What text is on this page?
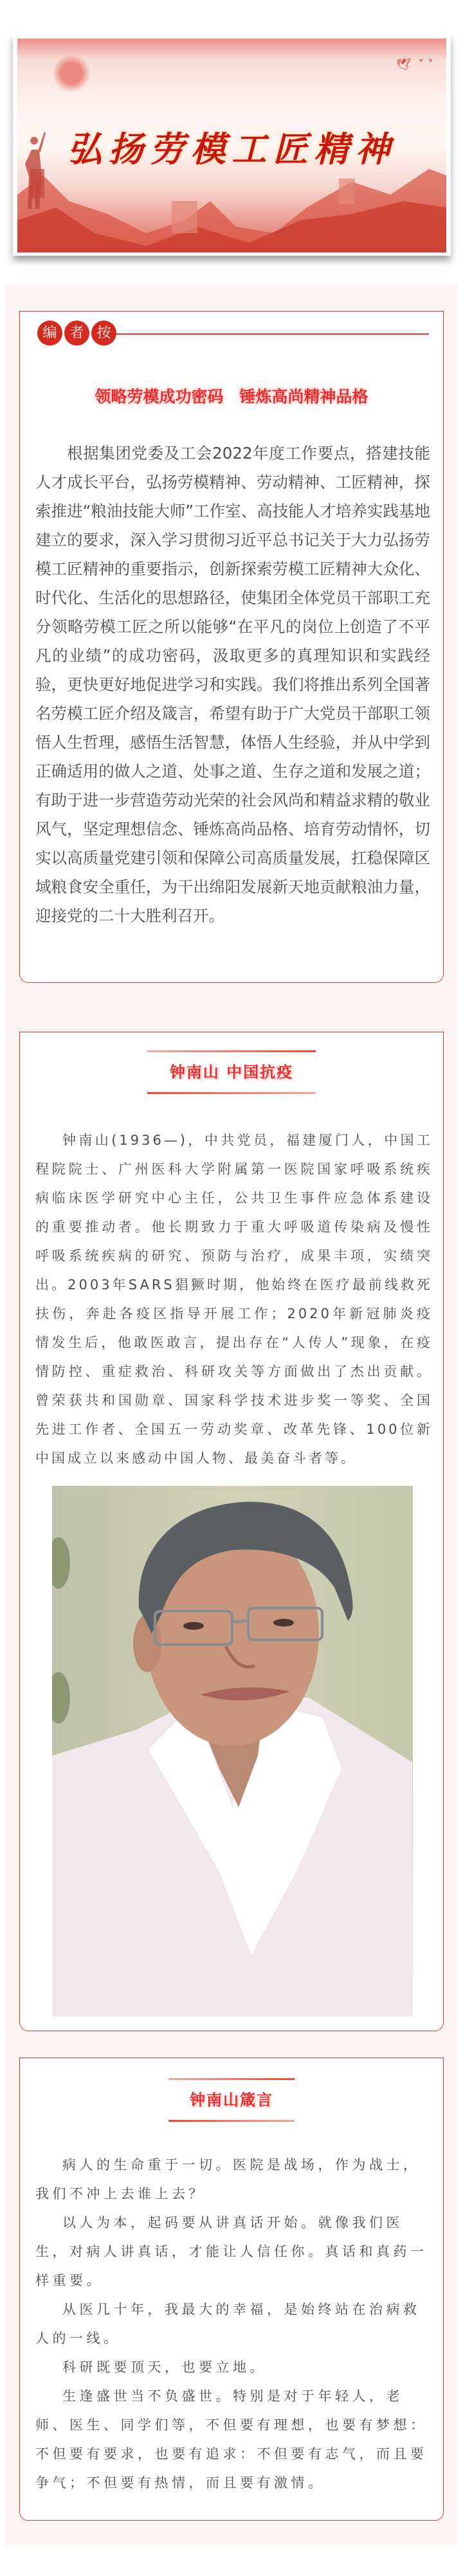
🕊 ︎ ˅ ˅
弘扬劳模工匠精神
编 者 按
领略劳模成功密码　锤炼高尚精神品格

根据集团党委及工会2022年度工作要点，搭建技能人才成长平台，弘扬劳模精神、劳动精神、工匠精神，探索推进“粮油技能大师”工作室、高技能人才培养实践基地建立的要求，深入学习贯彻习近平总书记关于大力弘扬劳模工匠精神的重要指示，创新探索劳模工匠精神大众化、时代化、生活化的思想路径，使集团全体党员干部职工充分领略劳模工匠之所以能够“在平凡的岗位上创造了不平凡的业绩”的成功密码，汲取更多的真理知识和实践经验，更快更好地促进学习和实践。我们将推出系列全国著名劳模工匠介绍及箴言，希望有助于广大党员干部职工领悟人生哲理，感悟生活智慧，体悟人生经验，并从中学到正确适用的做人之道、处事之道、生存之道和发展之道；有助于进一步营造劳动光荣的社会风尚和精益求精的敬业风气，坚定理想信念、锤炼高尚品格、培育劳动情怀，切实以高质量党建引领和保障公司高质量发展，扛稳保障区域粮食安全重任，为干出绵阳发展新天地贡献粮油力量，迎接党的二十大胜利召开。

钟南山 中国抗疫

钟南山(1936—)，中共党员，福建厦门人，中国工程院院士、广州医科大学附属第一医院国家呼吸系统疾病临床医学研究中心主任，公共卫生事件应急体系建设的重要推动者。他长期致力于重大呼吸道传染病及慢性呼吸系统疾病的研究、预防与治疗，成果丰项，实绩突出。2003年SARS猖獗时期，他始终在医疗最前线救死扶伤，奔赴各疫区指导开展工作；2020年新冠肺炎疫情发生后，他敢医敢言，提出存在“人传人”现象，在疫情防控、重症救治、科研攻关等方面做出了杰出贡献。曾荣获共和国勋章、国家科学技术进步奖一等奖、全国先进工作者、全国五一劳动奖章、改革先锋、100位新中国成立以来感动中国人物、最美奋斗者等。

钟南山箴言

病人的生命重于一切。医院是战场，作为战士，我们不冲上去谁上去？

以人为本，起码要从讲真话开始。就像我们医生，对病人讲真话，才能让人信任你。真话和真药一样重要。

从医几十年，我最大的幸福，是始终站在治病救人的一线。

科研既要顶天，也要立地。

生逢盛世当不负盛世。特别是对于年轻人，老师、医生、同学们等，不但要有理想，也要有梦想：不但要有要求，也要有追求：不但要有志气，而且要争气；不但要有热情，而且要有激情。
